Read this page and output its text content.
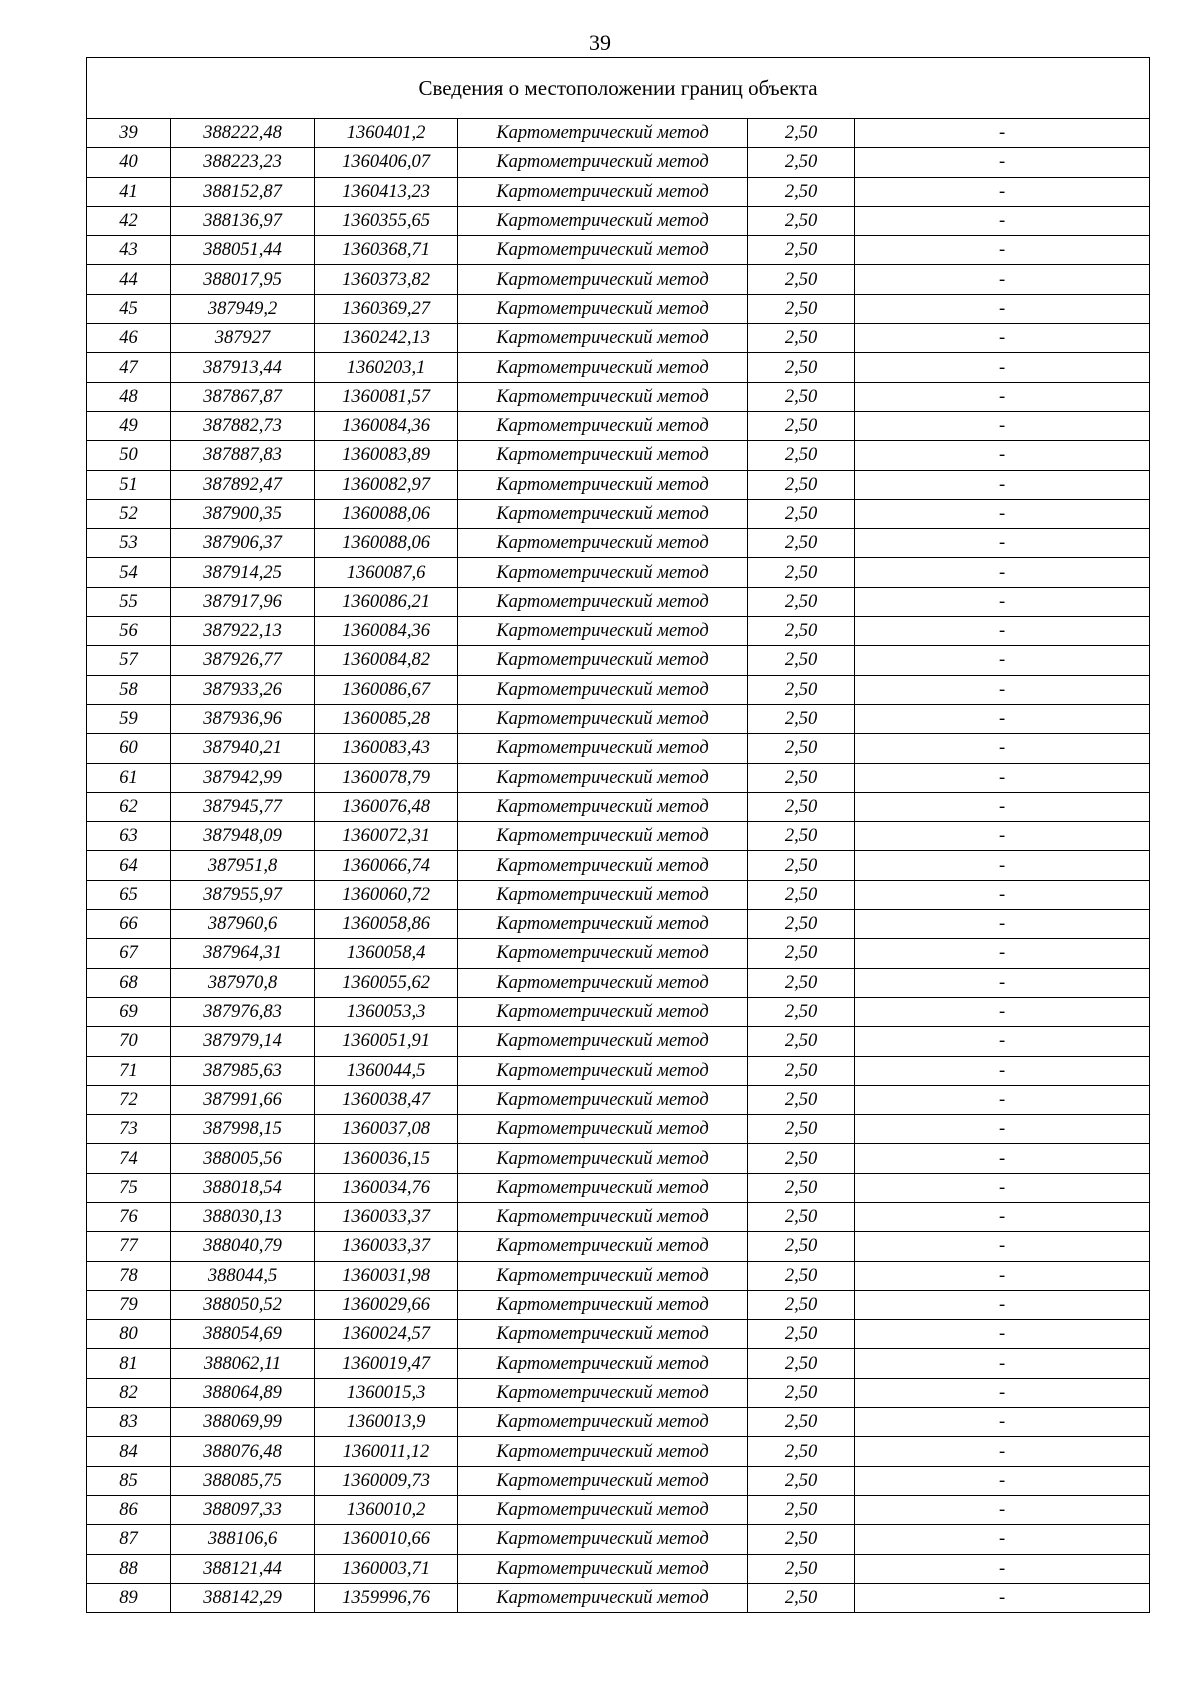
39
Сведения о местоположении границ объекта					
39	388222,48	1360401,2	Картометрический метод	2,50	-
40	388223,23	1360406,07	Картометрический метод	2,50	-
41	388152,87	1360413,23	Картометрический метод	2,50	-
42	388136,97	1360355,65	Картометрический метод	2,50	-
43	388051,44	1360368,71	Картометрический метод	2,50	-
44	388017,95	1360373,82	Картометрический метод	2,50	-
45	387949,2	1360369,27	Картометрический метод	2,50	-
46	387927	1360242,13	Картометрический метод	2,50	-
47	387913,44	1360203,1	Картометрический метод	2,50	-
48	387867,87	1360081,57	Картометрический метод	2,50	-
49	387882,73	1360084,36	Картометрический метод	2,50	-
50	387887,83	1360083,89	Картометрический метод	2,50	-
51	387892,47	1360082,97	Картометрический метод	2,50	-
52	387900,35	1360088,06	Картометрический метод	2,50	-
53	387906,37	1360088,06	Картометрический метод	2,50	-
54	387914,25	1360087,6	Картометрический метод	2,50	-
55	387917,96	1360086,21	Картометрический метод	2,50	-
56	387922,13	1360084,36	Картометрический метод	2,50	-
57	387926,77	1360084,82	Картометрический метод	2,50	-
58	387933,26	1360086,67	Картометрический метод	2,50	-
59	387936,96	1360085,28	Картометрический метод	2,50	-
60	387940,21	1360083,43	Картометрический метод	2,50	-
61	387942,99	1360078,79	Картометрический метод	2,50	-
62	387945,77	1360076,48	Картометрический метод	2,50	-
63	387948,09	1360072,31	Картометрический метод	2,50	-
64	387951,8	1360066,74	Картометрический метод	2,50	-
65	387955,97	1360060,72	Картометрический метод	2,50	-
66	387960,6	1360058,86	Картометрический метод	2,50	-
67	387964,31	1360058,4	Картометрический метод	2,50	-
68	387970,8	1360055,62	Картометрический метод	2,50	-
69	387976,83	1360053,3	Картометрический метод	2,50	-
70	387979,14	1360051,91	Картометрический метод	2,50	-
71	387985,63	1360044,5	Картометрический метод	2,50	-
72	387991,66	1360038,47	Картометрический метод	2,50	-
73	387998,15	1360037,08	Картометрический метод	2,50	-
74	388005,56	1360036,15	Картометрический метод	2,50	-
75	388018,54	1360034,76	Картометрический метод	2,50	-
76	388030,13	1360033,37	Картометрический метод	2,50	-
77	388040,79	1360033,37	Картометрический метод	2,50	-
78	388044,5	1360031,98	Картометрический метод	2,50	-
79	388050,52	1360029,66	Картометрический метод	2,50	-
80	388054,69	1360024,57	Картометрический метод	2,50	-
81	388062,11	1360019,47	Картометрический метод	2,50	-
82	388064,89	1360015,3	Картометрический метод	2,50	-
83	388069,99	1360013,9	Картометрический метод	2,50	-
84	388076,48	1360011,12	Картометрический метод	2,50	-
85	388085,75	1360009,73	Картометрический метод	2,50	-
86	388097,33	1360010,2	Картометрический метод	2,50	-
87	388106,6	1360010,66	Картометрический метод	2,50	-
88	388121,44	1360003,71	Картометрический метод	2,50	-
89	388142,29	1359996,76	Картометрический метод	2,50	-
